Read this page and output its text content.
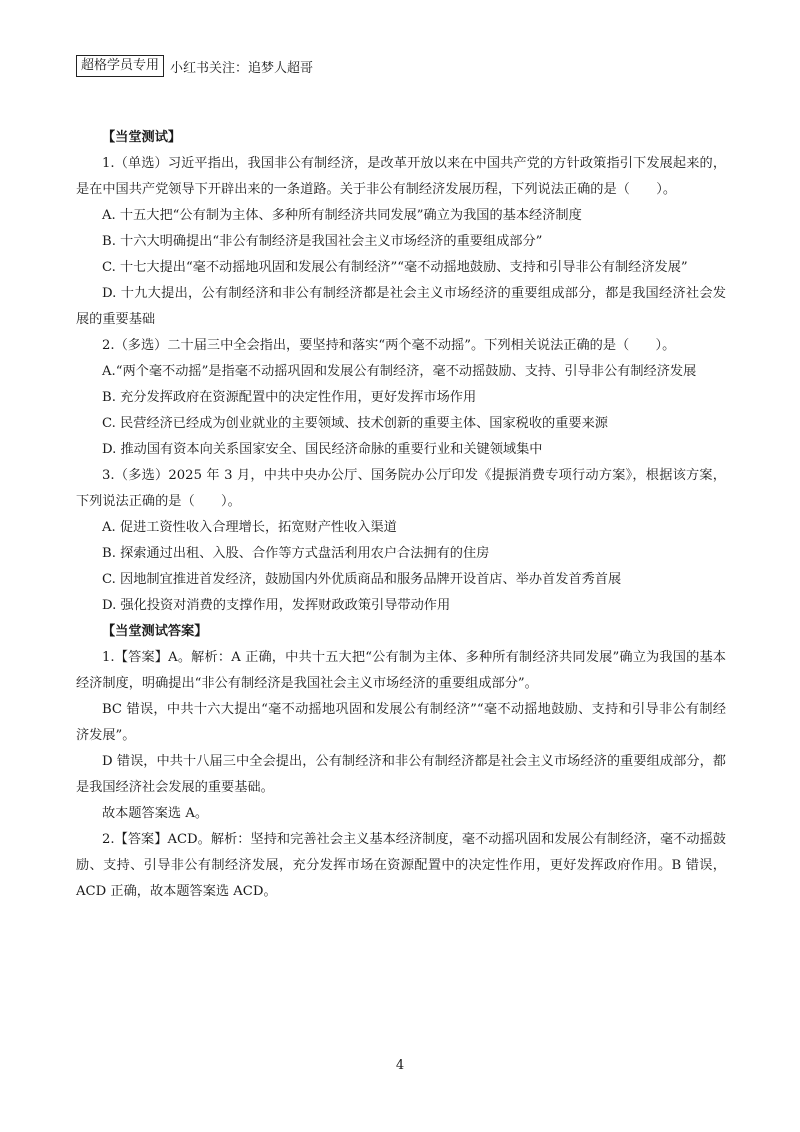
超格学员专用 小红书关注：追梦人超哥

【当堂测试】

1.（单选）习近平指出，我国非公有制经济，是改革开放以来在中国共产党的方针政策指引下发展起来的，是在中国共产党领导下开辟出来的一条道路。关于非公有制经济发展历程，下列说法正确的是（　　）。

A. 十五大把“公有制为主体、多种所有制经济共同发展”确立为我国的基本经济制度

B. 十六大明确提出“非公有制经济是我国社会主义市场经济的重要组成部分”

C. 十七大提出“毫不动摇地巩固和发展公有制经济”“毫不动摇地鼓励、支持和引导非公有制经济发展”

D. 十九大提出，公有制经济和非公有制经济都是社会主义市场经济的重要组成部分，都是我国经济社会发展的重要基础

2.（多选）二十届三中全会指出，要坚持和落实“两个毫不动摇”。下列相关说法正确的是（　　）。

A.“两个毫不动摇”是指毫不动摇巩固和发展公有制经济，毫不动摇鼓励、支持、引导非公有制经济发展

B. 充分发挥政府在资源配置中的决定性作用，更好发挥市场作用

C. 民营经济已经成为创业就业的主要领域、技术创新的重要主体、国家税收的重要来源

D. 推动国有资本向关系国家安全、国民经济命脉的重要行业和关键领域集中

3.（多选）2025 年 3 月，中共中央办公厅、国务院办公厅印发《提振消费专项行动方案》，根据该方案，下列说法正确的是（　　）。

A. 促进工资性收入合理增长，拓宽财产性收入渠道

B. 探索通过出租、入股、合作等方式盘活利用农户合法拥有的住房

C. 因地制宜推进首发经济，鼓励国内外优质商品和服务品牌开设首店、举办首发首秀首展

D. 强化投资对消费的支撑作用，发挥财政政策引导带动作用

【当堂测试答案】

1.【答案】A。解析：A 正确，中共十五大把“公有制为主体、多种所有制经济共同发展”确立为我国的基本经济制度，明确提出“非公有制经济是我国社会主义市场经济的重要组成部分”。

BC 错误，中共十六大提出“毫不动摇地巩固和发展公有制经济”“毫不动摇地鼓励、支持和引导非公有制经济发展”。

D 错误，中共十八届三中全会提出，公有制经济和非公有制经济都是社会主义市场经济的重要组成部分，都是我国经济社会发展的重要基础。

故本题答案选 A。

2.【答案】ACD。解析：坚持和完善社会主义基本经济制度，毫不动摇巩固和发展公有制经济，毫不动摇鼓励、支持、引导非公有制经济发展，充分发挥市场在资源配置中的决定性作用，更好发挥政府作用。B 错误，ACD 正确，故本题答案选 ACD。

4
